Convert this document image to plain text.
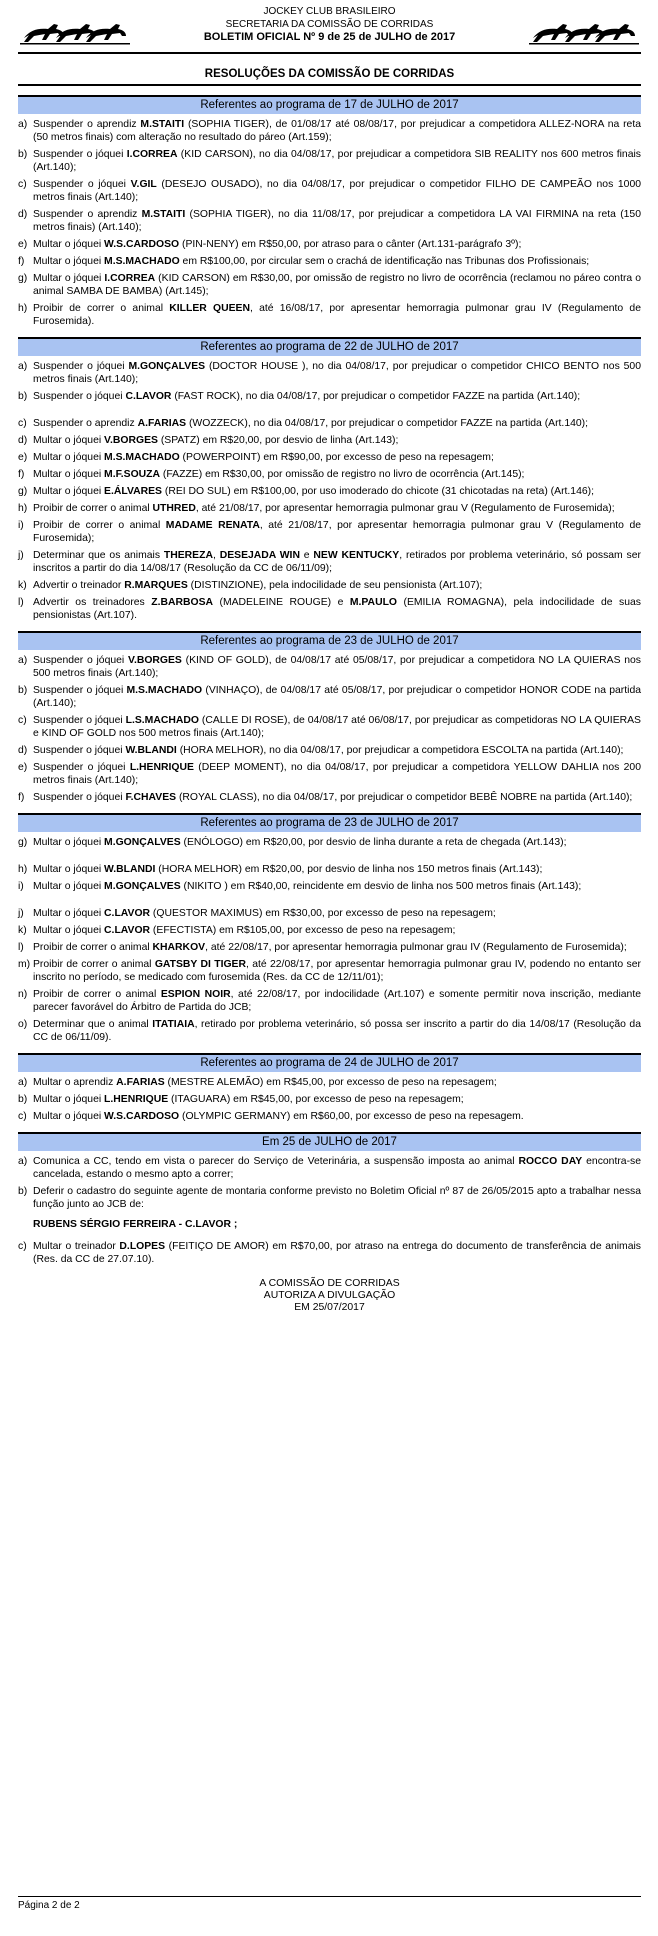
JOCKEY CLUB BRASILEIRO
SECRETARIA DA COMISSÃO DE CORRIDAS
BOLETIM OFICIAL Nº 9 de 25 de JULHO de 2017
RESOLUÇÕES DA COMISSÃO DE CORRIDAS
Referentes ao programa de 17 de JULHO de 2017
a) Suspender o aprendiz M.STAITI (SOPHIA TIGER), de 01/08/17 até 08/08/17, por prejudicar a competidora ALLEZ-NORA na reta (50 metros finais) com alteração no resultado do páreo (Art.159);
b) Suspender o jóquei I.CORREA (KID CARSON), no dia 04/08/17, por prejudicar a competidora SIB REALITY nos 600 metros finais (Art.140);
c) Suspender o jóquei V.GIL (DESEJO OUSADO), no dia 04/08/17, por prejudicar o competidor FILHO DE CAMPEÃO nos 1000 metros finais (Art.140);
d) Suspender o aprendiz M.STAITI (SOPHIA TIGER), no dia 11/08/17, por prejudicar a competidora LA VAI FIRMINA na reta (150 metros finais) (Art.140);
e) Multar o jóquei W.S.CARDOSO (PIN-NENY) em R$50,00, por atraso para o cânter (Art.131-parágrafo 3º);
f) Multar o jóquei M.S.MACHADO em R$100,00, por circular sem o crachá de identificação nas Tribunas dos Profissionais;
g) Multar o jóquei I.CORREA (KID CARSON) em R$30,00, por omissão de registro no livro de ocorrência (reclamou no páreo contra o animal SAMBA DE BAMBA) (Art.145);
h) Proibir de correr o animal KILLER QUEEN, até 16/08/17, por apresentar hemorragia pulmonar grau IV (Regulamento de Furosemida).
Referentes ao programa de 22 de JULHO de 2017
a) Suspender o jóquei M.GONÇALVES (DOCTOR HOUSE ), no dia 04/08/17, por prejudicar o competidor CHICO BENTO nos 500 metros finais (Art.140);
b) Suspender o jóquei C.LAVOR (FAST ROCK), no dia 04/08/17, por prejudicar o competidor FAZZE na partida (Art.140);
c) Suspender o aprendiz A.FARIAS (WOZZECK), no dia 04/08/17, por prejudicar o competidor FAZZE na partida (Art.140);
d) Multar o jóquei V.BORGES (SPATZ) em R$20,00, por desvio de linha (Art.143);
e) Multar o jóquei M.S.MACHADO (POWERPOINT) em R$90,00, por excesso de peso na repesagem;
f) Multar o jóquei M.F.SOUZA (FAZZE) em R$30,00, por omissão de registro no livro de ocorrência (Art.145);
g) Multar o jóquei E.ÁLVARES (REI DO SUL) em R$100,00, por uso imoderado do chicote (31 chicotadas na reta) (Art.146);
h) Proibir de correr o animal UTHRED, até 21/08/17, por apresentar hemorragia pulmonar grau V (Regulamento de Furosemida);
i) Proibir de correr o animal MADAME RENATA, até 21/08/17, por apresentar hemorragia pulmonar grau V (Regulamento de Furosemida);
j) Determinar que os animais THEREZA, DESEJADA WIN e NEW KENTUCKY, retirados por problema veterinário, só possam ser inscritos a partir do dia 14/08/17 (Resolução da CC de 06/11/09);
k) Advertir o treinador R.MARQUES (DISTINZIONE), pela indocilidade de seu pensionista (Art.107);
l) Advertir os treinadores Z.BARBOSA (MADELEINE ROUGE) e M.PAULO (EMILIA ROMAGNA), pela indocilidade de suas pensionistas (Art.107).
Referentes ao programa de 23 de JULHO de 2017
a) Suspender o jóquei V.BORGES (KIND OF GOLD), de 04/08/17 até 05/08/17, por prejudicar a competidora NO LA QUIERAS nos 500 metros finais (Art.140);
b) Suspender o jóquei M.S.MACHADO (VINHAÇO), de 04/08/17 até 05/08/17, por prejudicar o competidor HONOR CODE na partida (Art.140);
c) Suspender o jóquei L.S.MACHADO (CALLE DI ROSE), de 04/08/17 até 06/08/17, por prejudicar as competidoras NO LA QUIERAS e KIND OF GOLD nos 500 metros finais (Art.140);
d) Suspender o jóquei W.BLANDI (HORA MELHOR), no dia 04/08/17, por prejudicar a competidora ESCOLTA na partida (Art.140);
e) Suspender o jóquei L.HENRIQUE (DEEP MOMENT), no dia 04/08/17, por prejudicar a competidora YELLOW DAHLIA nos 200 metros finais (Art.140);
f) Suspender o jóquei F.CHAVES (ROYAL CLASS), no dia 04/08/17, por prejudicar o competidor BEBÊ NOBRE na partida (Art.140);
Referentes ao programa de 23 de JULHO de 2017
g) Multar o jóquei M.GONÇALVES (ENÓLOGO) em R$20,00, por desvio de linha durante a reta de chegada (Art.143);
h) Multar o jóquei W.BLANDI (HORA MELHOR) em R$20,00, por desvio de linha nos 150 metros finais (Art.143);
i) Multar o jóquei M.GONÇALVES (NIKITO ) em R$40,00, reincidente em desvio de linha nos 500 metros finais (Art.143);
j) Multar o jóquei C.LAVOR (QUESTOR MAXIMUS) em R$30,00, por excesso de peso na repesagem;
k) Multar o jóquei C.LAVOR (EFECTISTA) em R$105,00, por excesso de peso na repesagem;
l) Proibir de correr o animal KHARKOV, até 22/08/17, por apresentar hemorragia pulmonar grau IV (Regulamento de Furosemida);
m) Proibir de correr o animal GATSBY DI TIGER, até 22/08/17, por apresentar hemorragia pulmonar grau IV, podendo no entanto ser inscrito no período, se medicado com furosemida (Res. da CC de 12/11/01);
n) Proibir de correr o animal ESPION NOIR, até 22/08/17, por indocilidade (Art.107) e somente permitir nova inscrição, mediante parecer favorável do Árbitro de Partida do JCB;
o) Determinar que o animal ITATIAIA, retirado por problema veterinário, só possa ser inscrito a partir do dia 14/08/17 (Resolução da CC de 06/11/09).
Referentes ao programa de 24 de JULHO de 2017
a) Multar o aprendiz A.FARIAS (MESTRE ALEMÃO) em R$45,00, por excesso de peso na repesagem;
b) Multar o jóquei L.HENRIQUE (ITAGUARA) em R$45,00, por excesso de peso na repesagem;
c) Multar o jóquei W.S.CARDOSO (OLYMPIC GERMANY) em R$60,00, por excesso de peso na repesagem.
Em 25 de JULHO de 2017
a) Comunica a CC, tendo em vista o parecer do Serviço de Veterinária, a suspensão imposta ao animal ROCCO DAY encontra-se cancelada, estando o mesmo apto a correr;
b) Deferir o cadastro do seguinte agente de montaria conforme previsto no Boletim Oficial nº 87 de 26/05/2015 apto a trabalhar nessa função junto ao JCB de:
RUBENS SÉRGIO FERREIRA - C.LAVOR ;
c) Multar o treinador D.LOPES (FEITIÇO DE AMOR) em R$70,00, por atraso na entrega do documento de transferência de animais (Res. da CC de 27.07.10).
A COMISSÃO DE CORRIDAS
AUTORIZA A DIVULGAÇÃO
EM 25/07/2017
Página 2 de 2
